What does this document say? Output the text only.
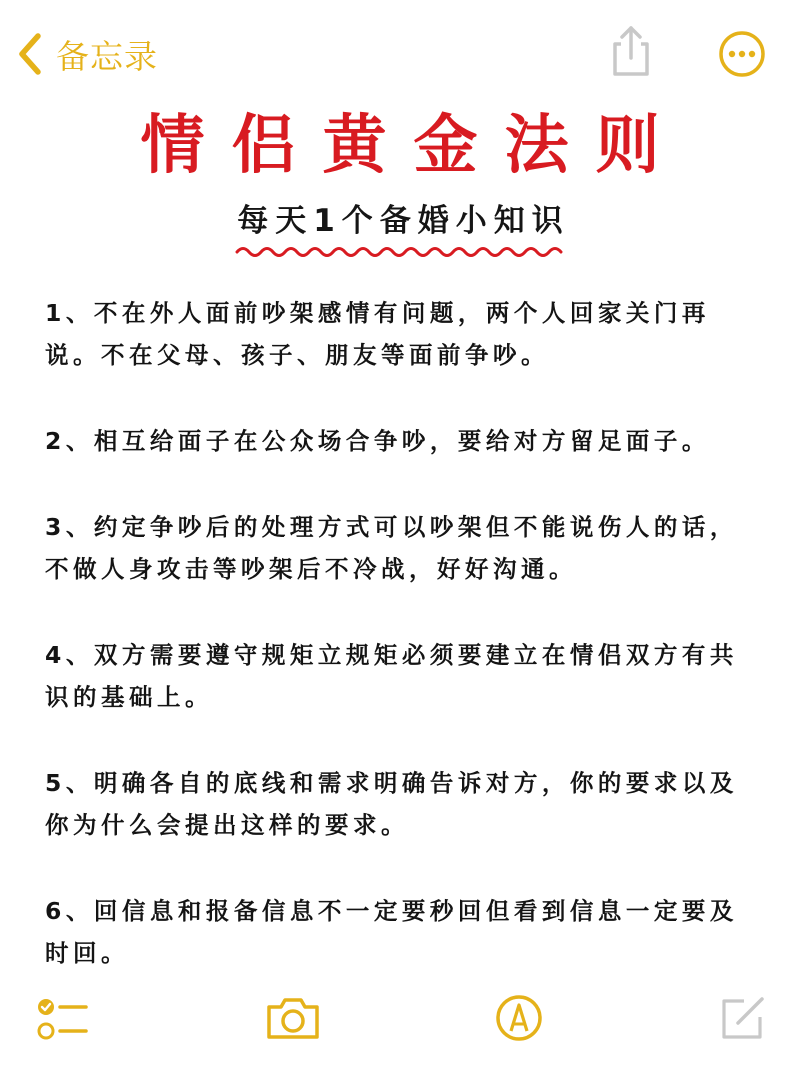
备忘录
情侣黄金法则
每天1个备婚小知识

1、不在外人面前吵架感情有问题，两个人回家关门再说。不在父母、孩子、朋友等面前争吵。

2、相互给面子在公众场合争吵，要给对方留足面子。

3、约定争吵后的处理方式可以吵架但不能说伤人的话，不做人身攻击等吵架后不冷战，好好沟通。

4、双方需要遵守规矩立规矩必须要建立在情侣双方有共识的基础上。

5、明确各自的底线和需求明确告诉对方，你的要求以及你为什么会提出这样的要求。

6、回信息和报备信息不一定要秒回但看到信息一定要及时回。
